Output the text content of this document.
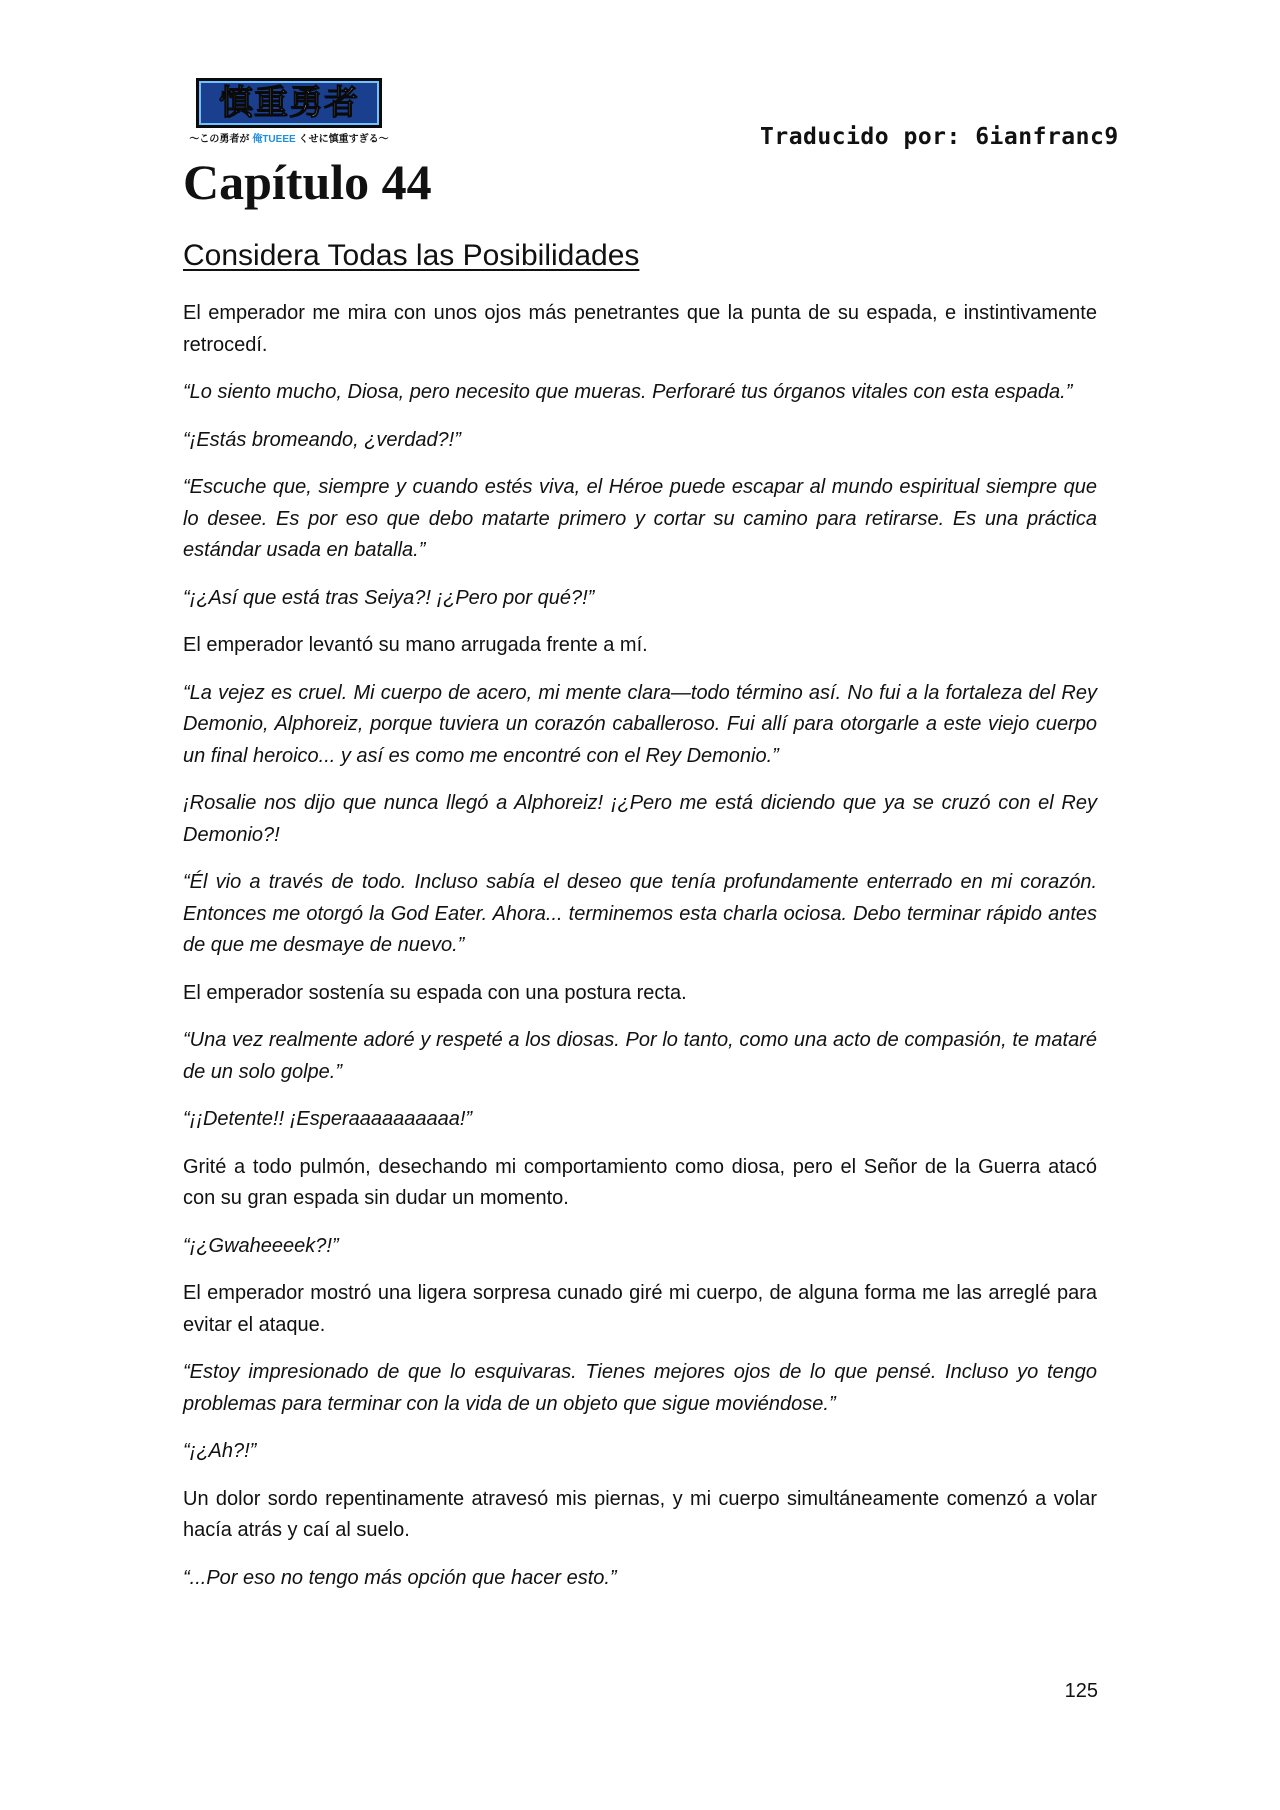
慎重勇者
〜この勇者が 俺TUEEE くせに慎重すぎる〜	Traducido por: 6ianfranc9
Capítulo 44
Considera Todas las Posibilidades

El emperador me mira con unos ojos más penetrantes que la punta de su espada, e instintivamente retrocedí.

“Lo siento mucho, Diosa, pero necesito que mueras. Perforaré tus órganos vitales con esta espada.”

“¡Estás bromeando, ¿verdad?!”

“Escuche que, siempre y cuando estés viva, el Héroe puede escapar al mundo espiritual siempre que lo desee. Es por eso que debo matarte primero y cortar su camino para retirarse. Es una práctica estándar usada en batalla.”

“¡¿Así que está tras Seiya?! ¡¿Pero por qué?!”

El emperador levantó su mano arrugada frente a mí.

“La vejez es cruel. Mi cuerpo de acero, mi mente clara—todo término así. No fui a la fortaleza del Rey Demonio, Alphoreiz, porque tuviera un corazón caballeroso. Fui allí para otorgarle a este viejo cuerpo un final heroico... y así es como me encontré con el Rey Demonio.”

¡Rosalie nos dijo que nunca llegó a Alphoreiz! ¡¿Pero me está diciendo que ya se cruzó con el Rey Demonio?!

“Él vio a través de todo. Incluso sabía el deseo que tenía profundamente enterrado en mi corazón. Entonces me otorgó la God Eater. Ahora... terminemos esta charla ociosa. Debo terminar rápido antes de que me desmaye de nuevo.”

El emperador sostenía su espada con una postura recta.

“Una vez realmente adoré y respeté a los diosas. Por lo tanto, como una acto de compasión, te mataré de un solo golpe.”

“¡¡Detente!! ¡Esperaaaaaaaaaa!”

Grité a todo pulmón, desechando mi comportamiento como diosa, pero el Señor de la Guerra atacó con su gran espada sin dudar un momento.

“¡¿Gwaheeeek?!”

El emperador mostró una ligera sorpresa cunado giré mi cuerpo, de alguna forma me las arreglé para evitar el ataque.

“Estoy impresionado de que lo esquivaras. Tienes mejores ojos de lo que pensé. Incluso yo tengo problemas para terminar con la vida de un objeto que sigue moviéndose.”

“¡¿Ah?!”

Un dolor sordo repentinamente atravesó mis piernas, y mi cuerpo simultáneamente comenzó a volar hacía atrás y caí al suelo.

“...Por eso no tengo más opción que hacer esto.”

125
